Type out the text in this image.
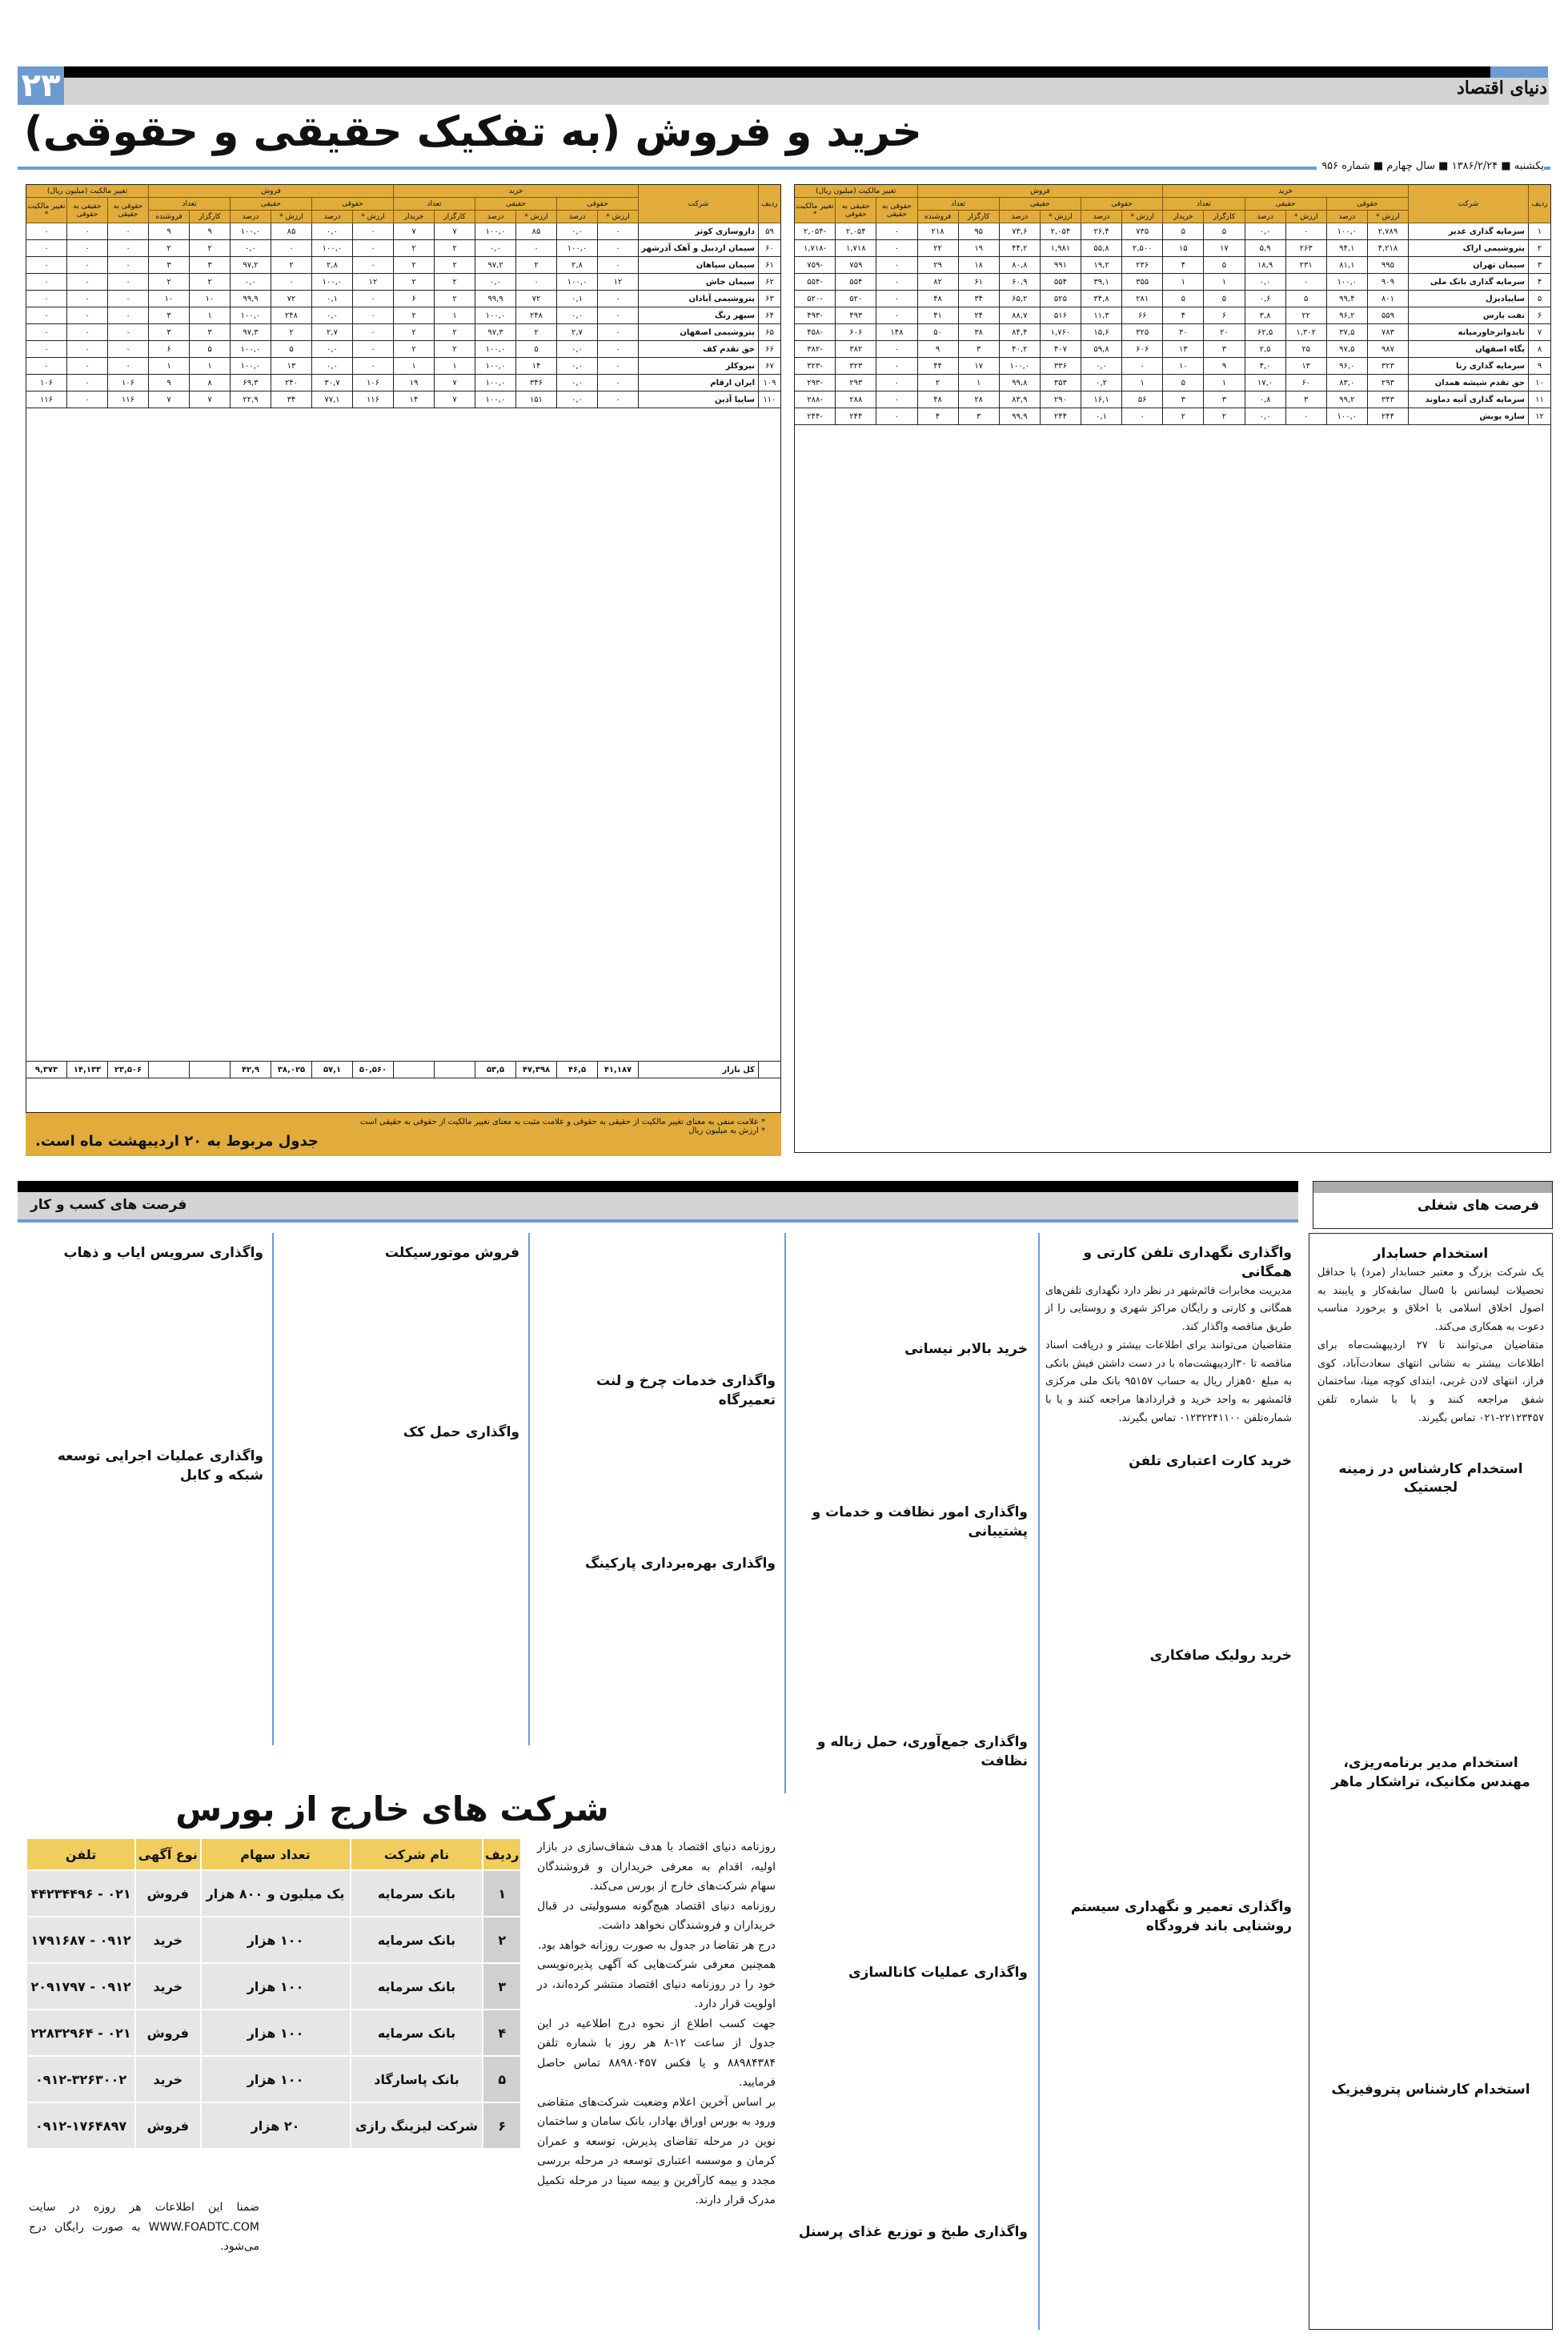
۲۳	دنیای اقتصاد
خرید و فروش (به تفکیک حقیقی و حقوقی)
یکشنبه ■ ۱۳۸۶/۲/۲۴ ■ سال چهارم ■ شماره ۹۵۶
ردیف	شرکت	خرید						فروش						تغییر مالکیت (میلیون ریال)		
		حقوقی		حقیقی		تعداد		حقوقی		حقیقی		تعداد		حقوقی به حقیقی	حقیقی به حقوقی	تغییر مالکیت *
		ارزش *	درصد	ارزش *	درصد	کارگزار	خریدار	ارزش *	درصد	ارزش *	درصد	کارگزار	فروشنده			
۱	سرمایه گذاری غدیر	۲,۷۸۹	۱۰۰,۰	۰	۰,۰	۵	۵	۷۳۵	۲۶,۴	۲,۰۵۴	۷۳,۶	۹۵	۲۱۸	۰	۲,۰۵۴	-۲,۰۵۴
۲	پتروشیمی اراک	۴,۲۱۸	۹۴,۱	۲۶۳	۵,۹	۱۷	۱۵	۲,۵۰۰	۵۵,۸	۱,۹۸۱	۴۴,۲	۱۹	۲۲	۰	۱,۷۱۸	-۱,۷۱۸
۳	سیمان تهران	۹۹۵	۸۱,۱	۲۳۱	۱۸,۹	۵	۴	۲۳۶	۱۹,۲	۹۹۱	۸۰,۸	۱۸	۲۹	۰	۷۵۹	-۷۵۹
۴	سرمایه گذاری بانک ملی	۹۰۹	۱۰۰,۰	۰	۰,۰	۱	۱	۳۵۵	۳۹,۱	۵۵۴	۶۰,۹	۶۱	۸۲	۰	۵۵۴	-۵۵۴
۵	سایپادیزل	۸۰۱	۹۹,۴	۵	۰,۶	۵	۵	۲۸۱	۳۴,۸	۵۲۵	۶۵,۲	۳۴	۴۸	۰	۵۲۰	-۵۲۰
۶	نفت پارس	۵۵۹	۹۶,۲	۲۲	۳,۸	۶	۴	۶۶	۱۱,۳	۵۱۶	۸۸,۷	۲۴	۴۱	۰	۴۹۳	-۴۹۳
۷	تایدواترخاورمیانه	۷۸۳	۳۷,۵	۱,۳۰۲	۶۲,۵	۲۰	۳۰	۳۲۵	۱۵,۶	۱,۷۶۰	۸۴,۴	۳۸	۵۰	۱۴۸	۶۰۶	-۴۵۸
۸	پگاه اصفهان	۹۸۷	۹۷,۵	۲۵	۲,۵	۳	۱۳	۶۰۶	۵۹,۸	۴۰۷	۴۰,۲	۳	۹	۰	۳۸۲	-۳۸۲
۹	سرمایه گذاری رنا	۳۲۳	۹۶,۰	۱۳	۴,۰	۹	۱۰	۰	۰,۰	۳۳۶	۱۰۰,۰	۱۷	۴۴	۰	۳۲۳	-۳۲۳
۱۰	حق تقدم شیشه همدان	۲۹۳	۸۳,۰	۶۰	۱۷,۰	۱	۵	۱	۰,۲	۳۵۳	۹۹,۸	۱	۲	۰	۲۹۳	-۲۹۳
۱۱	سرمایه گذاری آتیه دماوند	۳۴۳	۹۹,۲	۳	۰,۸	۳	۳	۵۶	۱۶,۱	۲۹۰	۸۳,۹	۲۸	۴۸	۰	۲۸۸	-۲۸۸
۱۲	سازه پویش	۲۴۴	۱۰۰,۰	۰	۰,۰	۲	۲	۰	۰,۱	۲۴۴	۹۹,۹	۳	۴	۰	۲۴۴	-۲۴۴
ردیف	شرکت	خرید						فروش						تغییر مالکیت (میلیون ریال)		
		حقوقی		حقیقی		تعداد		حقوقی		حقیقی		تعداد		حقوقی به حقیقی	حقیقی به حقوقی	تغییر مالکیت *
		ارزش *	درصد	ارزش *	درصد	کارگزار	خریدار	ارزش *	درصد	ارزش *	درصد	کارگزار	فروشنده			
۵۹	داروسازی کوثر	۰	۰,۰	۸۵	۱۰۰,۰	۷	۷	۰	۰,۰	۸۵	۱۰۰,۰	۹	۹	۰	۰	۰
۶۰	سیمان اردبیل و آهک آذرشهر	۰	۱۰۰,۰	۰	۰,۰	۲	۲	۰	۱۰۰,۰	۰	۰,۰	۲	۲	۰	۰	۰
۶۱	سیمان سپاهان	۰	۲,۸	۲	۹۷,۲	۲	۲	۰	۲,۸	۲	۹۷,۲	۳	۳	۰	۰	۰
۶۲	سیمان خاش	۱۲	۱۰۰,۰	۰	۰,۰	۲	۲	۱۲	۱۰۰,۰	۰	۰,۰	۲	۲	۰	۰	۰
۶۳	پتروشیمی آبادان	۰	۰,۱	۷۲	۹۹,۹	۲	۶	۰	۰,۱	۷۲	۹۹,۹	۱۰	۱۰	۰	۰	۰
۶۴	سپهر رنگ	۰	۰,۰	۲۴۸	۱۰۰,۰	۱	۲	۰	۰,۰	۲۴۸	۱۰۰,۰	۱	۳	۰	۰	۰
۶۵	پتروشیمی اصفهان	۰	۲,۷	۲	۹۷,۳	۲	۲	۰	۲,۷	۲	۹۷,۳	۳	۳	۰	۰	۰
۶۶	حق تقدم کف	۰	۰,۰	۵	۱۰۰,۰	۲	۲	۰	۰,۰	۵	۱۰۰,۰	۵	۶	۰	۰	۰
۶۷	نیروکلر	۰	۰,۰	۱۴	۱۰۰,۰	۱	۱	۰	۰,۰	۱۳	۱۰۰,۰	۱	۱	۰	۰	۰
۱۰۹	ایران ارقام	۰	۰,۰	۳۴۶	۱۰۰,۰	۷	۱۹	۱۰۶	۳۰,۷	۲۴۰	۶۹,۳	۸	۹	۱۰۶	۰	۱۰۶
۱۱۰	سایپا آذین	۰	۰,۰	۱۵۱	۱۰۰,۰	۷	۱۴	۱۱۶	۷۷,۱	۳۴	۲۲,۹	۷	۷	۱۱۶	۰	۱۱۶
	کل بازار	۴۱,۱۸۷	۴۶,۵	۴۷,۳۹۸	۵۳,۵			۵۰,۵۶۰	۵۷,۱	۳۸,۰۲۵	۴۲,۹			۲۳,۵۰۶	۱۴,۱۳۳	۹,۳۷۳
* علامت منفی به معنای تغییر مالکیت از حقیقی به حقوقی و علامت مثبت به معنای تغییر مالکیت از حقوقی به حقیقی است
* ارزش به میلیون ریال
جدول مربوط به ۲۰ اردیبهشت ماه است.
فرصت های کسب و کار	فرصت های شغلی
استخدام حسابدار

یک شرکت بزرگ و معتبر حسابدار (مرد) با حداقل تحصیلات لیسانس با ۵سال سابقه‌کار و پایبند به اصول اخلاق اسلامی با اخلاق و برخورد مناسب دعوت به همکاری می‌کند.

متقاضیان می‌توانند تا ۲۷ اردیبهشت‌ماه برای اطلاعات بیشتر به نشانی انتهای سعادت‌آباد، کوی فراز، انتهای لادن غربی، ابتدای کوچه مینا، ساختمان شفق مراجعه کنند و یا با شماره تلفن ۲۲۱۲۳۴۵۷-۰۲۱ تماس بگیرند.

استخدام کارشناس در زمینه لجستیک
استخدام مدیر برنامه‌ریزی، مهندس مکانیک، تراشکار ماهر
استخدام کارشناس پتروفیزیک
واگذاری نگهداری تلفن کارتی و همگانی

مدیریت مخابرات قائم‌شهر در نظر دارد نگهداری تلفن‌های همگانی و کارتی و رایگان مراکز شهری و روستایی را از طریق مناقصه واگذار کند.

متقاضیان می‌توانند برای اطلاعات بیشتر و دریافت اسناد مناقصه تا ۳۰اردیبهشت‌ماه با در دست داشتن فیش بانکی به مبلغ ۵۰هزار ریال به حساب ۹۵۱۵۷ بانک ملی مرکزی قائمشهر به واحد خرید و قراردادها مراجعه کنند و یا با شماره‌تلفن ۰۱۲۳۲۲۴۱۱۰۰ تماس بگیرند.

خرید کارت اعتباری تلفن
خرید رولیک صافکاری
واگذاری تعمیر و نگهداری سیستم روشنایی باند فرودگاه
خرید بالابر نیسانی
واگذاری امور نظافت و خدمات و پشتیبانی
واگذاری جمع‌آوری، حمل زباله و نظافت
واگذاری عملیات کانالسازی
واگذاری طبخ و توزیع غذای پرسنل
واگذاری خدمات چرخ و لنت تعمیرگاه
واگذاری بهره‌برداری پارکینگ
فروش موتورسیکلت
واگذاری حمل کک
واگذاری سرویس ایاب و ذهاب
واگذاری عملیات اجرایی توسعه شبکه و کابل
شرکت های خارج از بورس
ردیف	نام شرکت	تعداد سهام	نوع آگهی	تلفن
۱	بانک سرمایه	یک میلیون و ۸۰۰ هزار	فروش	۰۲۱ - ۴۴۲۳۴۴۹۶
۲	بانک سرمایه	۱۰۰ هزار	خرید	۰۹۱۲ - ۱۷۹۱۶۸۷
۳	بانک سرمایه	۱۰۰ هزار	خرید	۰۹۱۲ - ۲۰۹۱۷۹۷
۴	بانک سرمایه	۱۰۰ هزار	فروش	۰۲۱ - ۲۲۸۳۲۹۶۴
۵	بانک پاسارگاد	۱۰۰ هزار	خرید	۰۹۱۲-۳۲۶۳۰۰۲
۶	شرکت لیزینگ رازی	۲۰ هزار	فروش	۰۹۱۲-۱۷۶۴۸۹۷

روزنامه دنیای اقتصاد با هدف شفاف‌سازی در بازار اولیه، اقدام به معرفی خریداران و فروشندگان سهام شرکت‌های خارج از بورس می‌کند.

روزنامه دنیای اقتصاد هیچ‌گونه مسوولیتی در قبال خریداران و فروشندگان نخواهد داشت.

درج هر تقاضا در جدول به صورت روزانه خواهد بود.

همچنین معرفی شرکت‌هایی که آگهی پذیره‌نویسی خود را در روزنامه دنیای اقتصاد منتشر کرده‌اند، در اولویت قرار دارد.

جهت کسب اطلاع از نحوه درج اطلاعیه در این جدول از ساعت ۱۲-۸ هر روز با شماره تلفن ۸۸۹۸۴۳۸۴ و یا فکس ۸۸۹۸۰۴۵۷ تماس حاصل فرمایید.

بر اساس آخرین اعلام وضعیت شرکت‌های متقاضی ورود به بورس اوراق بهادار، بانک سامان و ساختمان نوین در مرحله تقاضای پذیرش، توسعه و عمران کرمان و موسسه اعتباری توسعه در مرحله بررسی مجدد و بیمه کارآفرین و بیمه سینا در مرحله تکمیل مدرک قرار دارند.

ضمنا این اطلاعات هر روزه در سایت WWW.FOADTC.COM به صورت رایگان درج می‌شود.
